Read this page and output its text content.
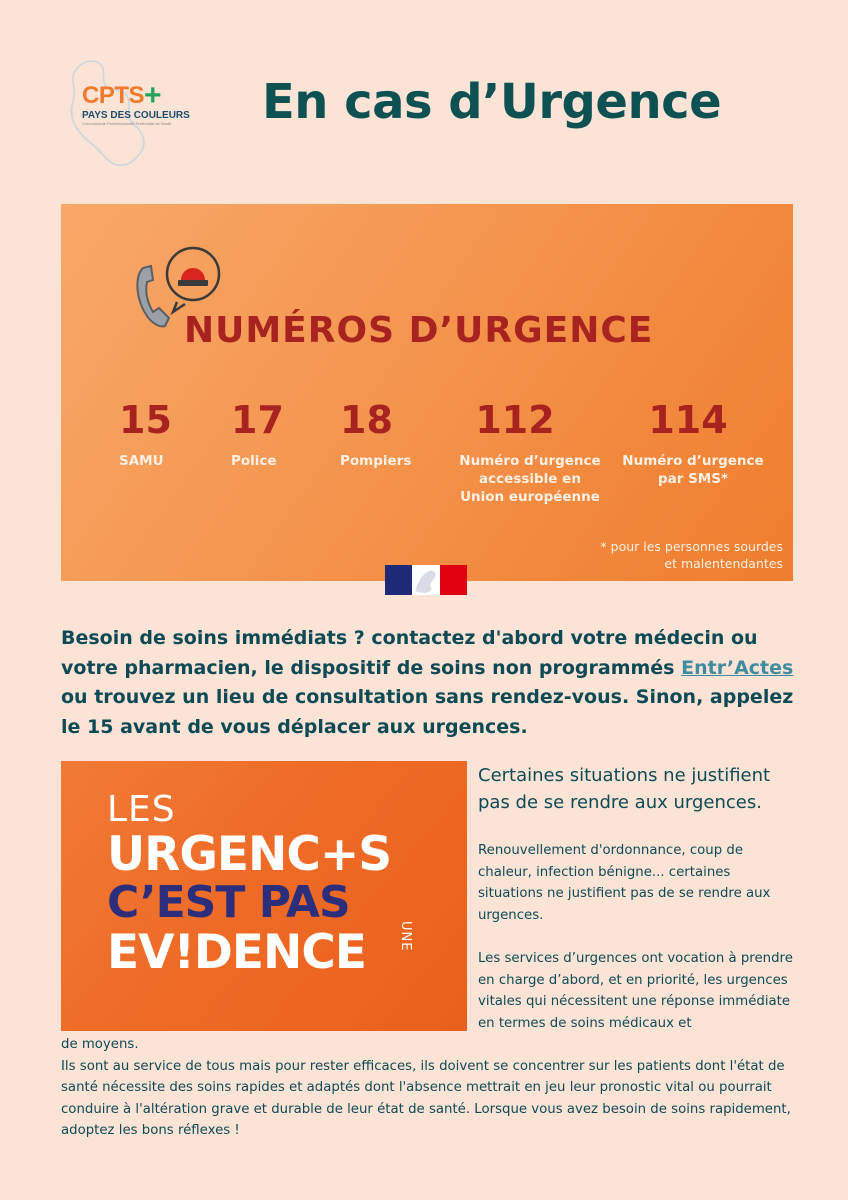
CPTS+
PAYS DES COULEURS
Communauté Professionnelle Territoriale de Santé	En cas d’Urgence
NUMÉROS D’URGENCE
15
SAMU
17
Police
18
Pompiers
112
Numéro d’urgence
accessible en
Union européenne
114
Numéro d’urgence
par SMS*
* pour les personnes sourdes
et malentendantes

Besoin de soins immédiats ? contactez d'abord votre médecin ou votre pharmacien, le dispositif de soins non programmés Entr’Actes ou trouvez un lieu de consultation sans rendez-vous. Sinon, appelez le 15 avant de vous déplacer aux urgences.

LES
URGENC+S
C’EST PAS
UNE
EV!DENCE

Certaines situations ne justifient pas de se rendre aux urgences.

Renouvellement d'ordonnance, coup de chaleur, infection bénigne... certaines situations ne justifient pas de se rendre aux urgences.

Les services d’urgences ont vocation à prendre en charge d’abord, et en priorité, les urgences vitales qui nécessitent une réponse immédiate en termes de soins médicaux et

de moyens.
Ils sont au service de tous mais pour rester efficaces, ils doivent se concentrer sur les patients dont l'état de santé nécessite des soins rapides et adaptés dont l'absence mettrait en jeu leur pronostic vital ou pourrait conduire à l'altération grave et durable de leur état de santé. Lorsque vous avez besoin de soins rapidement, adoptez les bons réflexes !
